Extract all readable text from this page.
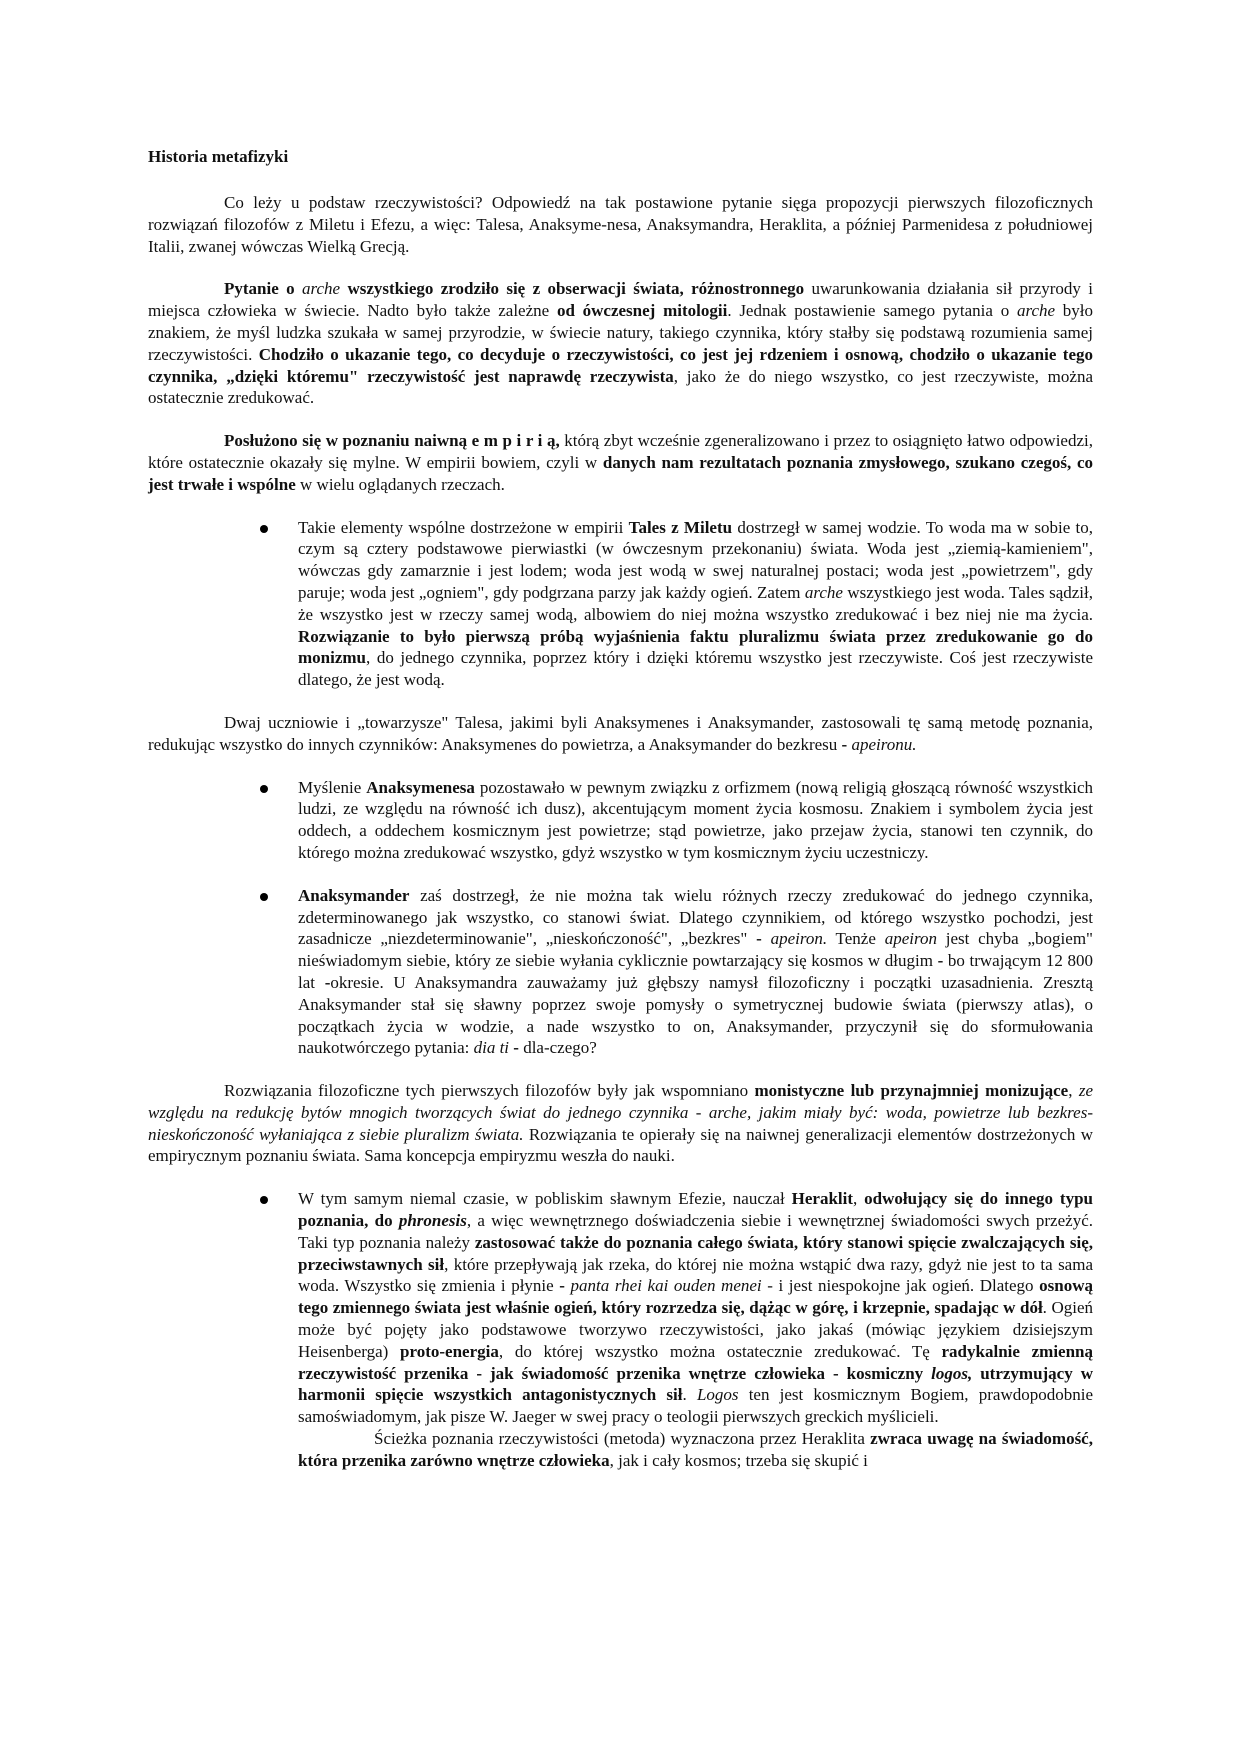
Historia metafizyki

Co leży u podstaw rzeczywistości? Odpowiedź na tak postawione pytanie sięga propozycji pierwszych filozoficznych rozwiązań filozofów z Miletu i Efezu, a więc: Talesa, Anaksyme-nesa, Anaksymandra, Heraklita, a później Parmenidesa z południowej Italii, zwanej wówczas Wielką Grecją.

Pytanie o arche wszystkiego zrodziło się z obserwacji świata, różnostronnego uwarunkowania działania sił przyrody i miejsca człowieka w świecie. Nadto było także zależne od ówczesnej mitologii. Jednak postawienie samego pytania o arche było znakiem, że myśl ludzka szukała w samej przyrodzie, w świecie natury, takiego czynnika, który stałby się podstawą rozumienia samej rzeczywistości. Chodziło o ukazanie tego, co decyduje o rzeczywistości, co jest jej rdzeniem i osnową, chodziło o ukazanie tego czynnika, „dzięki któremu" rzeczywistość jest naprawdę rzeczywista, jako że do niego wszystko, co jest rzeczywiste, można ostatecznie zredukować.

Posłużono się w poznaniu naiwną e m p i r i ą, którą zbyt wcześnie zgeneralizowano i przez to osiągnięto łatwo odpowiedzi, które ostatecznie okazały się mylne. W empirii bowiem, czyli w danych nam rezultatach poznania zmysłowego, szukano czegoś, co jest trwałe i wspólne w wielu oglądanych rzeczach.

Takie elementy wspólne dostrzeżone w empirii Tales z Miletu dostrzegł w samej wodzie. To woda ma w sobie to, czym są cztery podstawowe pierwiastki (w ówczesnym przekonaniu) świata. Woda jest „ziemią-kamieniem", wówczas gdy zamarznie i jest lodem; woda jest wodą w swej naturalnej postaci; woda jest „powietrzem", gdy paruje; woda jest „ogniem", gdy podgrzana parzy jak każdy ogień. Zatem arche wszystkiego jest woda. Tales sądził, że wszystko jest w rzeczy samej wodą, albowiem do niej można wszystko zredukować i bez niej nie ma życia. Rozwiązanie to było pierwszą próbą wyjaśnienia faktu pluralizmu świata przez zredukowanie go do monizmu, do jednego czynnika, poprzez który i dzięki któremu wszystko jest rzeczywiste. Coś jest rzeczywiste dlatego, że jest wodą.

Dwaj uczniowie i „towarzysze" Talesa, jakimi byli Anaksymenes i Anaksymander, zastosowali tę samą metodę poznania, redukując wszystko do innych czynników: Anaksymenes do powietrza, a Anaksymander do bezkresu - apeironu.

Myślenie Anaksymenesa pozostawało w pewnym związku z orfizmem (nową religią głoszącą równość wszystkich ludzi, ze względu na równość ich dusz), akcentującym moment życia kosmosu. Znakiem i symbolem życia jest oddech, a oddechem kosmicznym jest powietrze; stąd powietrze, jako przejaw życia, stanowi ten czynnik, do którego można zredukować wszystko, gdyż wszystko w tym kosmicznym życiu uczestniczy.

Anaksymander zaś dostrzegł, że nie można tak wielu różnych rzeczy zredukować do jednego czynnika, zdeterminowanego jak wszystko, co stanowi świat. Dlatego czynnikiem, od którego wszystko pochodzi, jest zasadnicze „niezdeterminowanie", „nieskończoność", „bezkres" - apeiron. Tenże apeiron jest chyba „bogiem" nieświadomym siebie, który ze siebie wyłania cyklicznie powtarzający się kosmos w długim - bo trwającym 12 800 lat -okresie. U Anaksymandra zauważamy już głębszy namysł filozoficzny i początki uzasadnienia. Zresztą Anaksymander stał się sławny poprzez swoje pomysły o symetrycznej budowie świata (pierwszy atlas), o początkach życia w wodzie, a nade wszystko to on, Anaksymander, przyczynił się do sformułowania naukotwórczego pytania: dia ti - dla-czego?

Rozwiązania filozoficzne tych pierwszych filozofów były jak wspomniano monistyczne lub przynajmniej monizujące, ze względu na redukcję bytów mnogich tworzących świat do jednego czynnika - arche, jakim miały być: woda, powietrze lub bezkres-nieskończoność wyłaniająca z siebie pluralizm świata. Rozwiązania te opierały się na naiwnej generalizacji elementów dostrzeżonych w empirycznym poznaniu świata. Sama koncepcja empiryzmu weszła do nauki.

W tym samym niemal czasie, w pobliskim sławnym Efezie, nauczał Heraklit, odwołujący się do innego typu poznania, do phronesis, a więc wewnętrznego doświadczenia siebie i wewnętrznej świadomości swych przeżyć. Taki typ poznania należy zastosować także do poznania całego świata, który stanowi spięcie zwalczających się, przeciwstawnych sił, które przepływają jak rzeka, do której nie można wstąpić dwa razy, gdyż nie jest to ta sama woda. Wszystko się zmienia i płynie - panta rhei kai ouden menei - i jest niespokojne jak ogień. Dlatego osnową tego zmiennego świata jest właśnie ogień, który rozrzedza się, dążąc w górę, i krzepnie, spadając w dół. Ogień może być pojęty jako podstawowe tworzywo rzeczywistości, jako jakaś (mówiąc językiem dzisiejszym Heisenberga) proto-energia, do której wszystko można ostatecznie zredukować. Tę radykalnie zmienną rzeczywistość przenika - jak świadomość przenika wnętrze człowieka - kosmiczny logos, utrzymujący w harmonii spięcie wszystkich antagonistycznych sił. Logos ten jest kosmicznym Bogiem, prawdopodobnie samoświadomym, jak pisze W. Jaeger w swej pracy o teologii pierwszych greckich myślicieli.

Ścieżka poznania rzeczywistości (metoda) wyznaczona przez Heraklita zwraca uwagę na świadomość, która przenika zarówno wnętrze człowieka, jak i cały kosmos; trzeba się skupić i
